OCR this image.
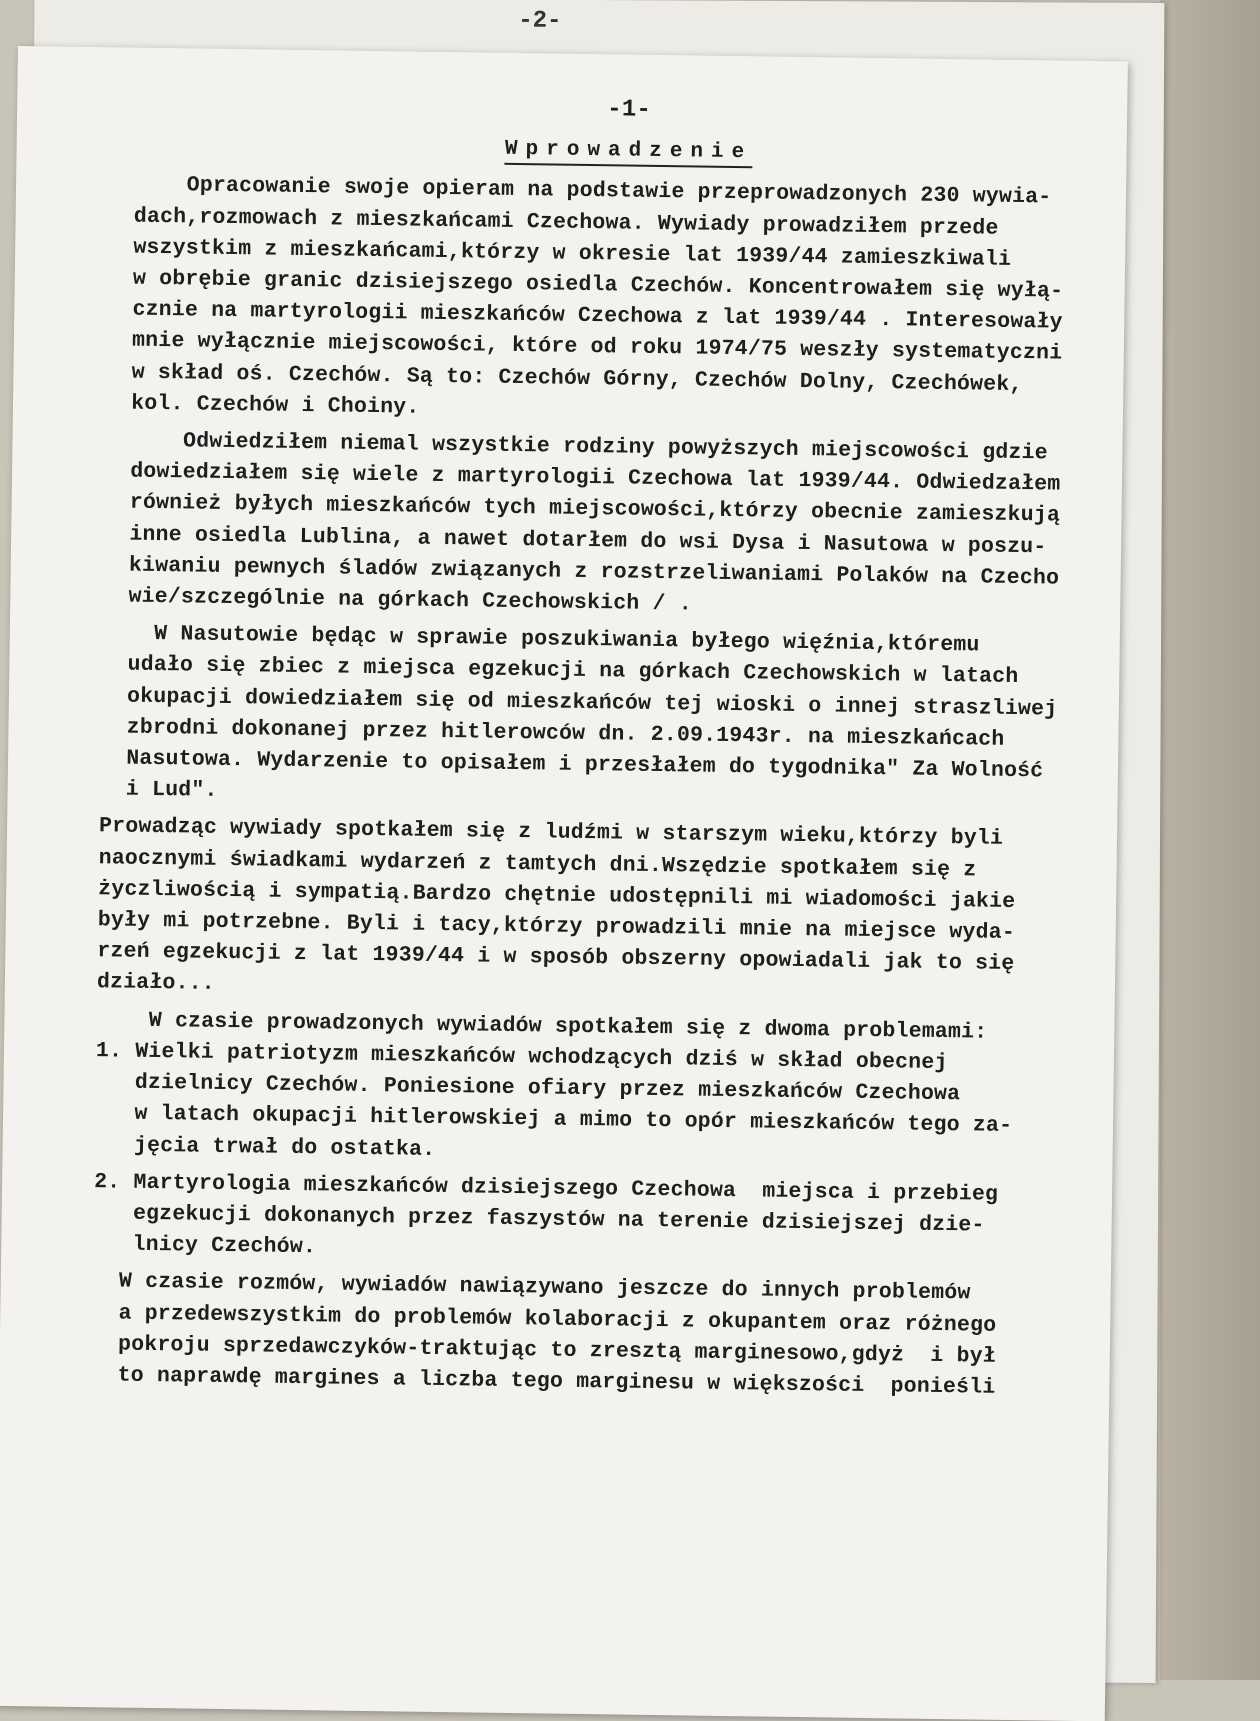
-2-
-1-
Wprowadzenie
Opracowanie swoje opieram na podstawie przeprowadzonych 230 wywia-
dach,rozmowach z mieszkańcami Czechowa. Wywiady prowadziłem przede
wszystkim z mieszkańcami,którzy w okresie lat 1939/44 zamieszkiwali
w obrębie granic dzisiejszego osiedla Czechów. Koncentrowałem się wyłą-
cznie na martyrologii mieszkańców Czechowa z lat 1939/44 . Interesowały
mnie wyłącznie miejscowości, które od roku 1974/75 weszły systematyczni
w skład oś. Czechów. Są to: Czechów Górny, Czechów Dolny, Czechówek,
kol. Czechów i Choiny.
Odwiedziłem niemal wszystkie rodziny powyższych miejscowości gdzie
dowiedziałem się wiele z martyrologii Czechowa lat 1939/44. Odwiedzałem
również byłych mieszkańców tych miejscowości,którzy obecnie zamieszkują
inne osiedla Lublina, a nawet dotarłem do wsi Dysa i Nasutowa w poszu-
kiwaniu pewnych śladów związanych z rozstrzeliwaniami Polaków na Czecho
wie/szczególnie na górkach Czechowskich / .
W Nasutowie będąc w sprawie poszukiwania byłego więźnia,któremu
udało się zbiec z miejsca egzekucji na górkach Czechowskich w latach
okupacji dowiedziałem się od mieszkańców tej wioski o innej straszliwej
zbrodni dokonanej przez hitlerowców dn. 2.09.1943r. na mieszkańcach
Nasutowa. Wydarzenie to opisałem i przesłałem do tygodnika" Za Wolność
i Lud".
Prowadząc wywiady spotkałem się z ludźmi w starszym wieku,którzy byli
naocznymi świadkami wydarzeń z tamtych dni.Wszędzie spotkałem się z
życzliwością i sympatią.Bardzo chętnie udostępnili mi wiadomości jakie
były mi potrzebne. Byli i tacy,którzy prowadzili mnie na miejsce wyda-
rzeń egzekucji z lat 1939/44 i w sposób obszerny opowiadali jak to się
działo...
W czasie prowadzonych wywiadów spotkałem się z dwoma problemami:
1. Wielki patriotyzm mieszkańców wchodzących dziś w skład obecnej
dzielnicy Czechów. Poniesione ofiary przez mieszkańców Czechowa
w latach okupacji hitlerowskiej a mimo to opór mieszkańców tego za-
jęcia trwał do ostatka.
2. Martyrologia mieszkańców dzisiejszego Czechowa  miejsca i przebieg
egzekucji dokonanych przez faszystów na terenie dzisiejszej dzie-
lnicy Czechów.
W czasie rozmów, wywiadów nawiązywano jeszcze do innych problemów
a przedewszystkim do problemów kolaboracji z okupantem oraz różnego
pokroju sprzedawczyków-traktując to zresztą marginesowo,gdyż  i był
to naprawdę margines a liczba tego marginesu w większości  ponieśli
